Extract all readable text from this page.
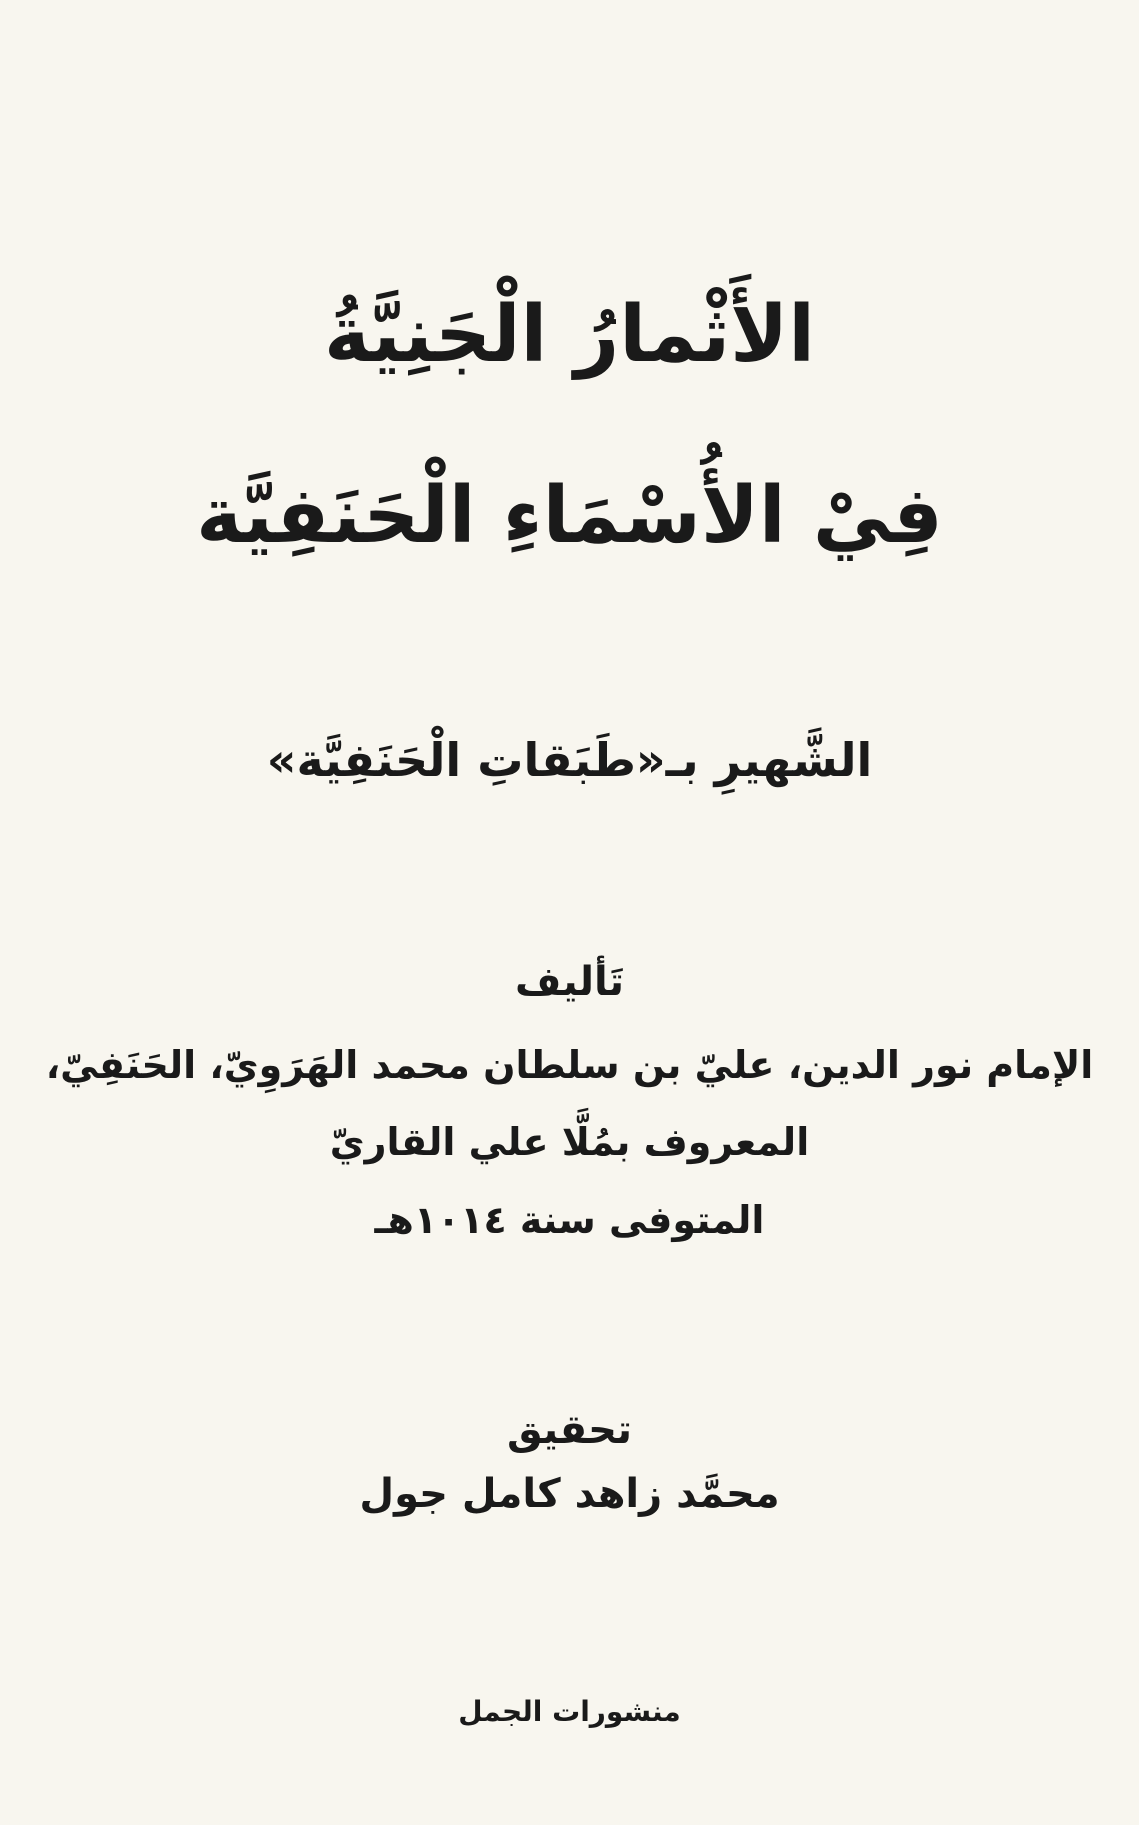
الأَثْمارُ الْجَنِيَّةُ

فِيْ الأُسْمَاءِ الْحَنَفِيَّة

الشَّهيرِ بـ«طَبَقاتِ الْحَنَفِيَّة»

تَأليف

الإمام نور الدين، عليّ بن سلطان محمد الهَرَوِيّ، الحَنَفِيّ،

المعروف بمُلَّا علي القاريّ

المتوفى سنة ١٠١٤هـ

تحقيق

محمَّد زاهد كامل جول

منشورات الجمل
